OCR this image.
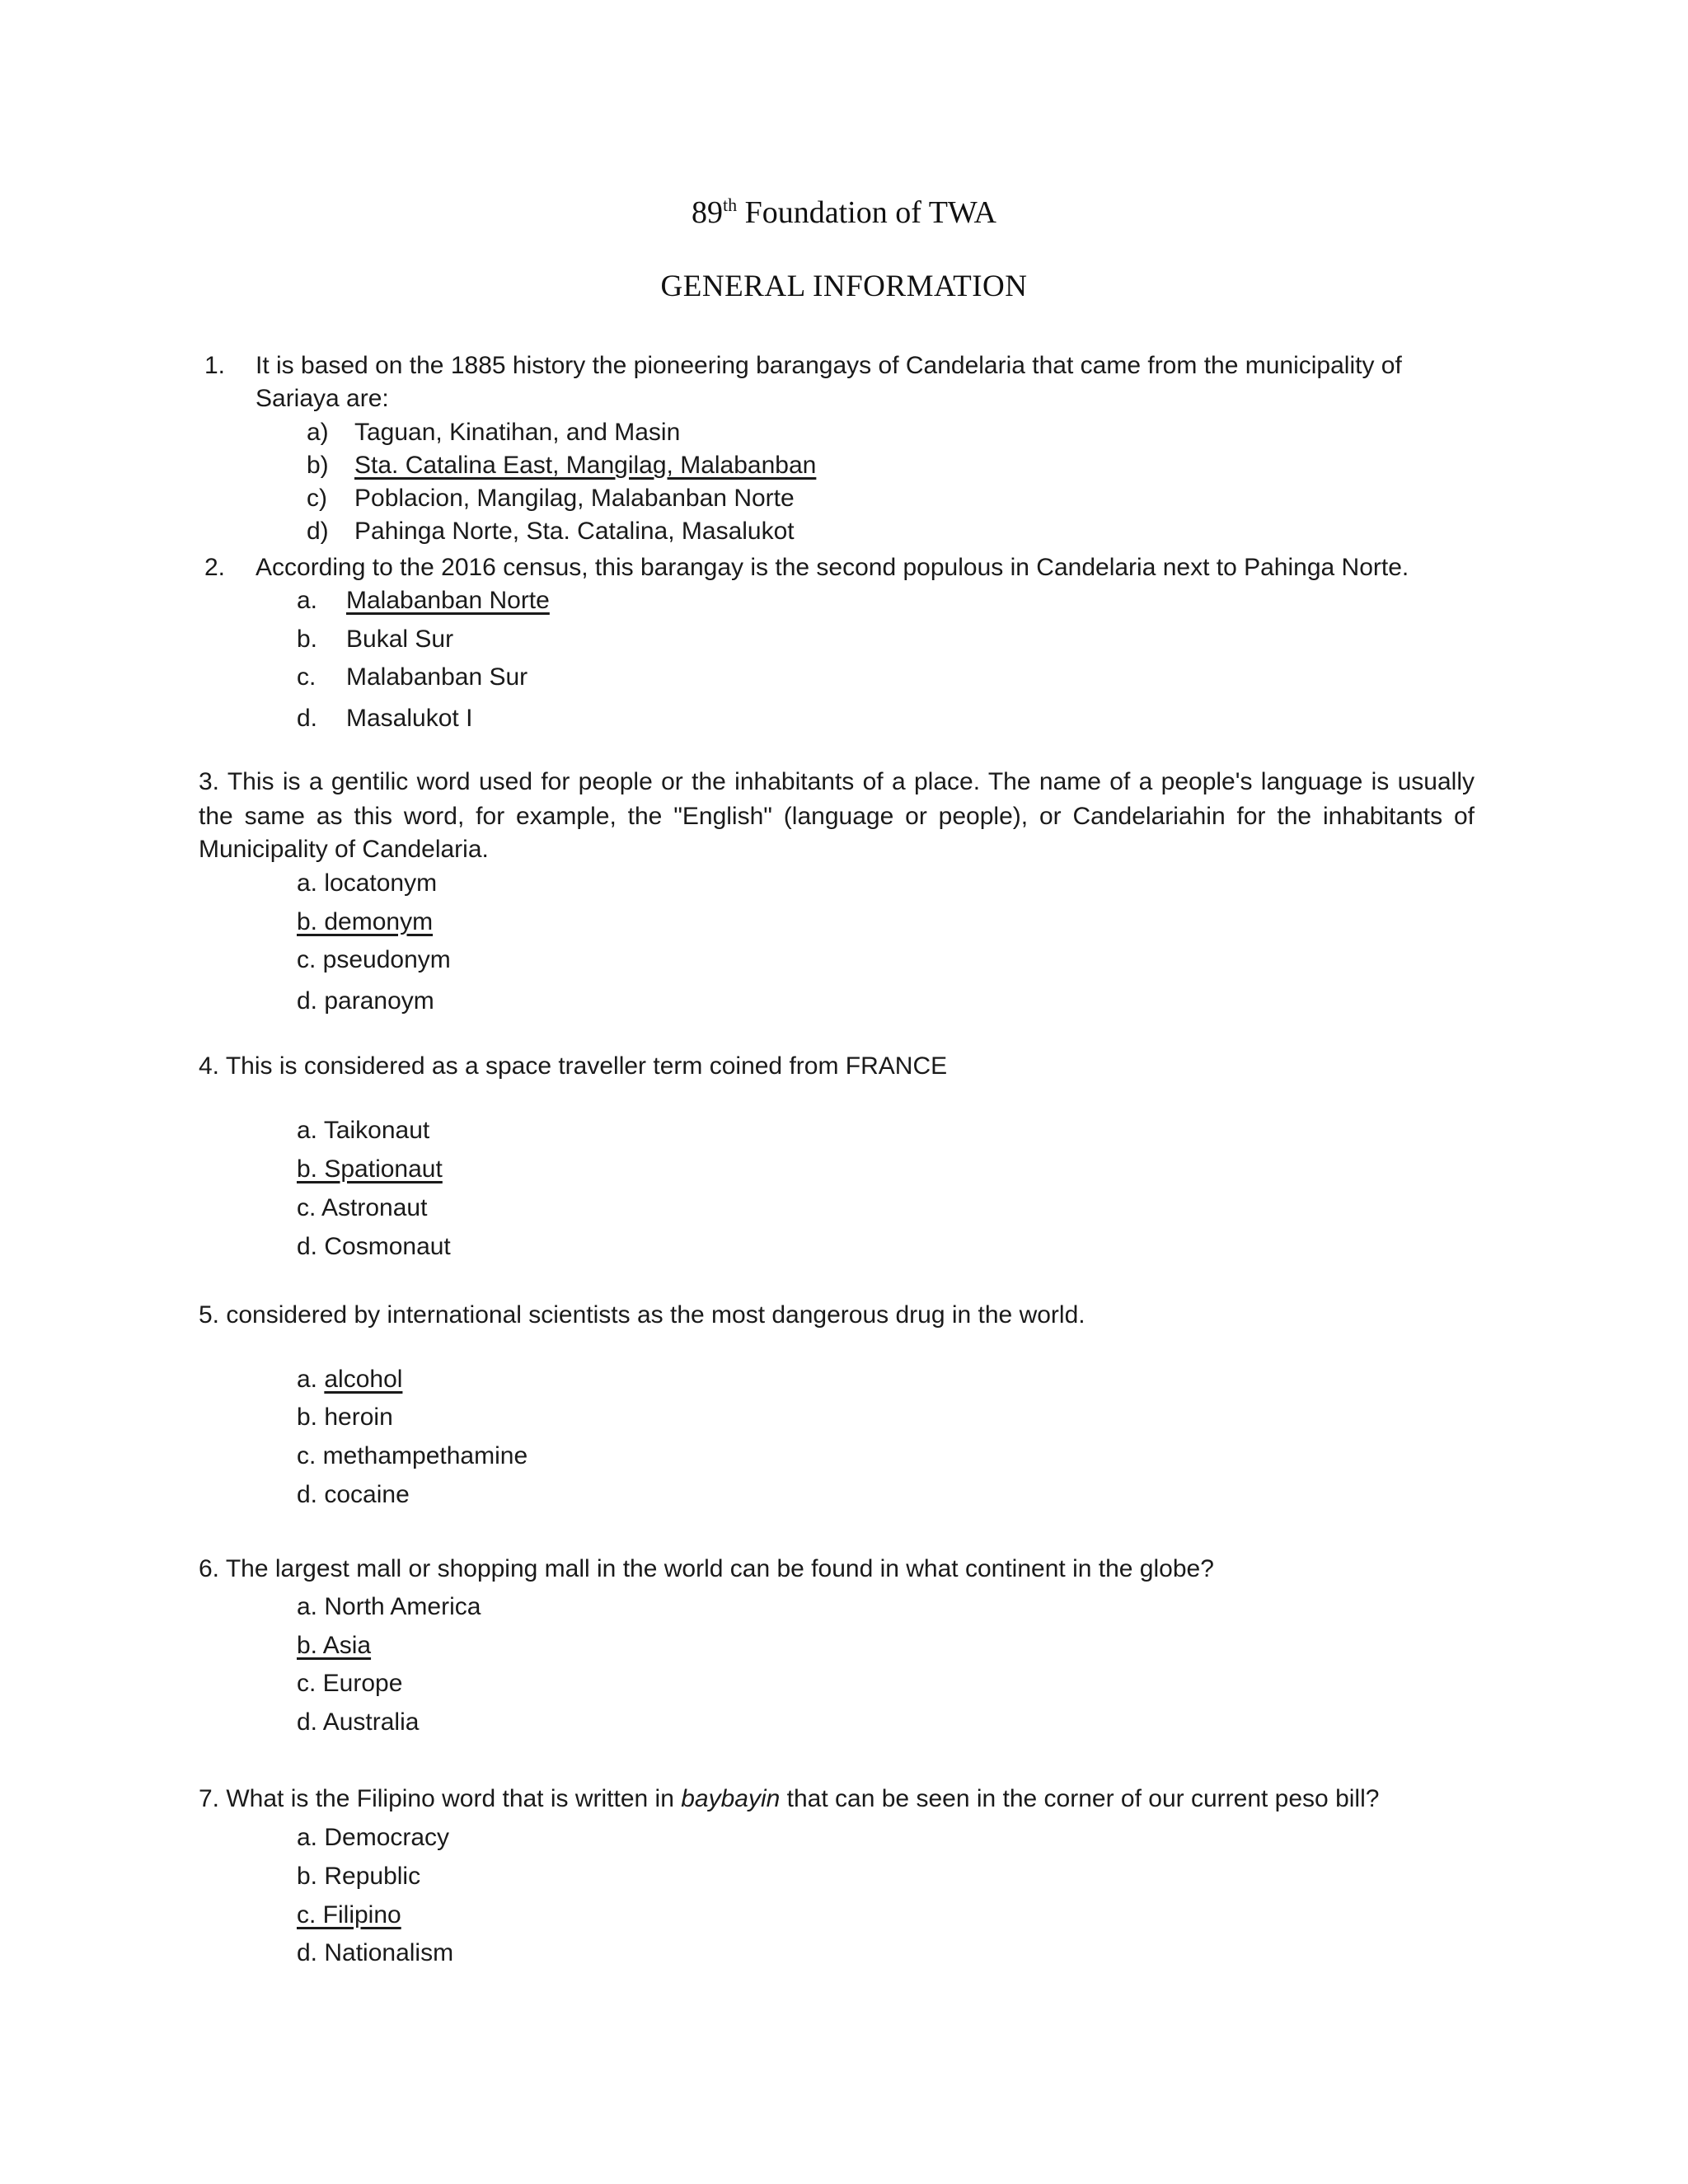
89th Foundation of TWA
GENERAL INFORMATION
1. It is based on the 1885 history the pioneering barangays of Candelaria that came from the municipality of
Sariaya are:
a) Taguan, Kinatihan, and Masin
b) Sta. Catalina East, Mangilag, Malabanban
c) Poblacion, Mangilag, Malabanban Norte
d) Pahinga Norte, Sta. Catalina, Masalukot
2. According to the 2016 census, this barangay is the second populous in Candelaria next to Pahinga Norte.
a. Malabanban Norte
b. Bukal Sur
c. Malabanban Sur
d. Masalukot I
3. This is a gentilic word used for people or the inhabitants of a place. The name of a people's language is usually
the same as this word, for example, the "English" (language or people), or Candelariahin for the inhabitants of
Municipality of Candelaria.
a. locatonym
b. demonym
c. pseudonym
d. paranoym
4. This is considered as a space traveller term coined from FRANCE
a. Taikonaut
b. Spationaut
c. Astronaut
d. Cosmonaut
5. considered by international scientists as the most dangerous drug in the world.
a. alcohol
b. heroin
c. methampethamine
d. cocaine
6. The largest mall or shopping mall in the world can be found in what continent in the globe?
a. North America
b. Asia
c. Europe
d. Australia
7. What is the Filipino word that is written in baybayin that can be seen in the corner of our current peso bill?
a. Democracy
b. Republic
c. Filipino
d. Nationalism
